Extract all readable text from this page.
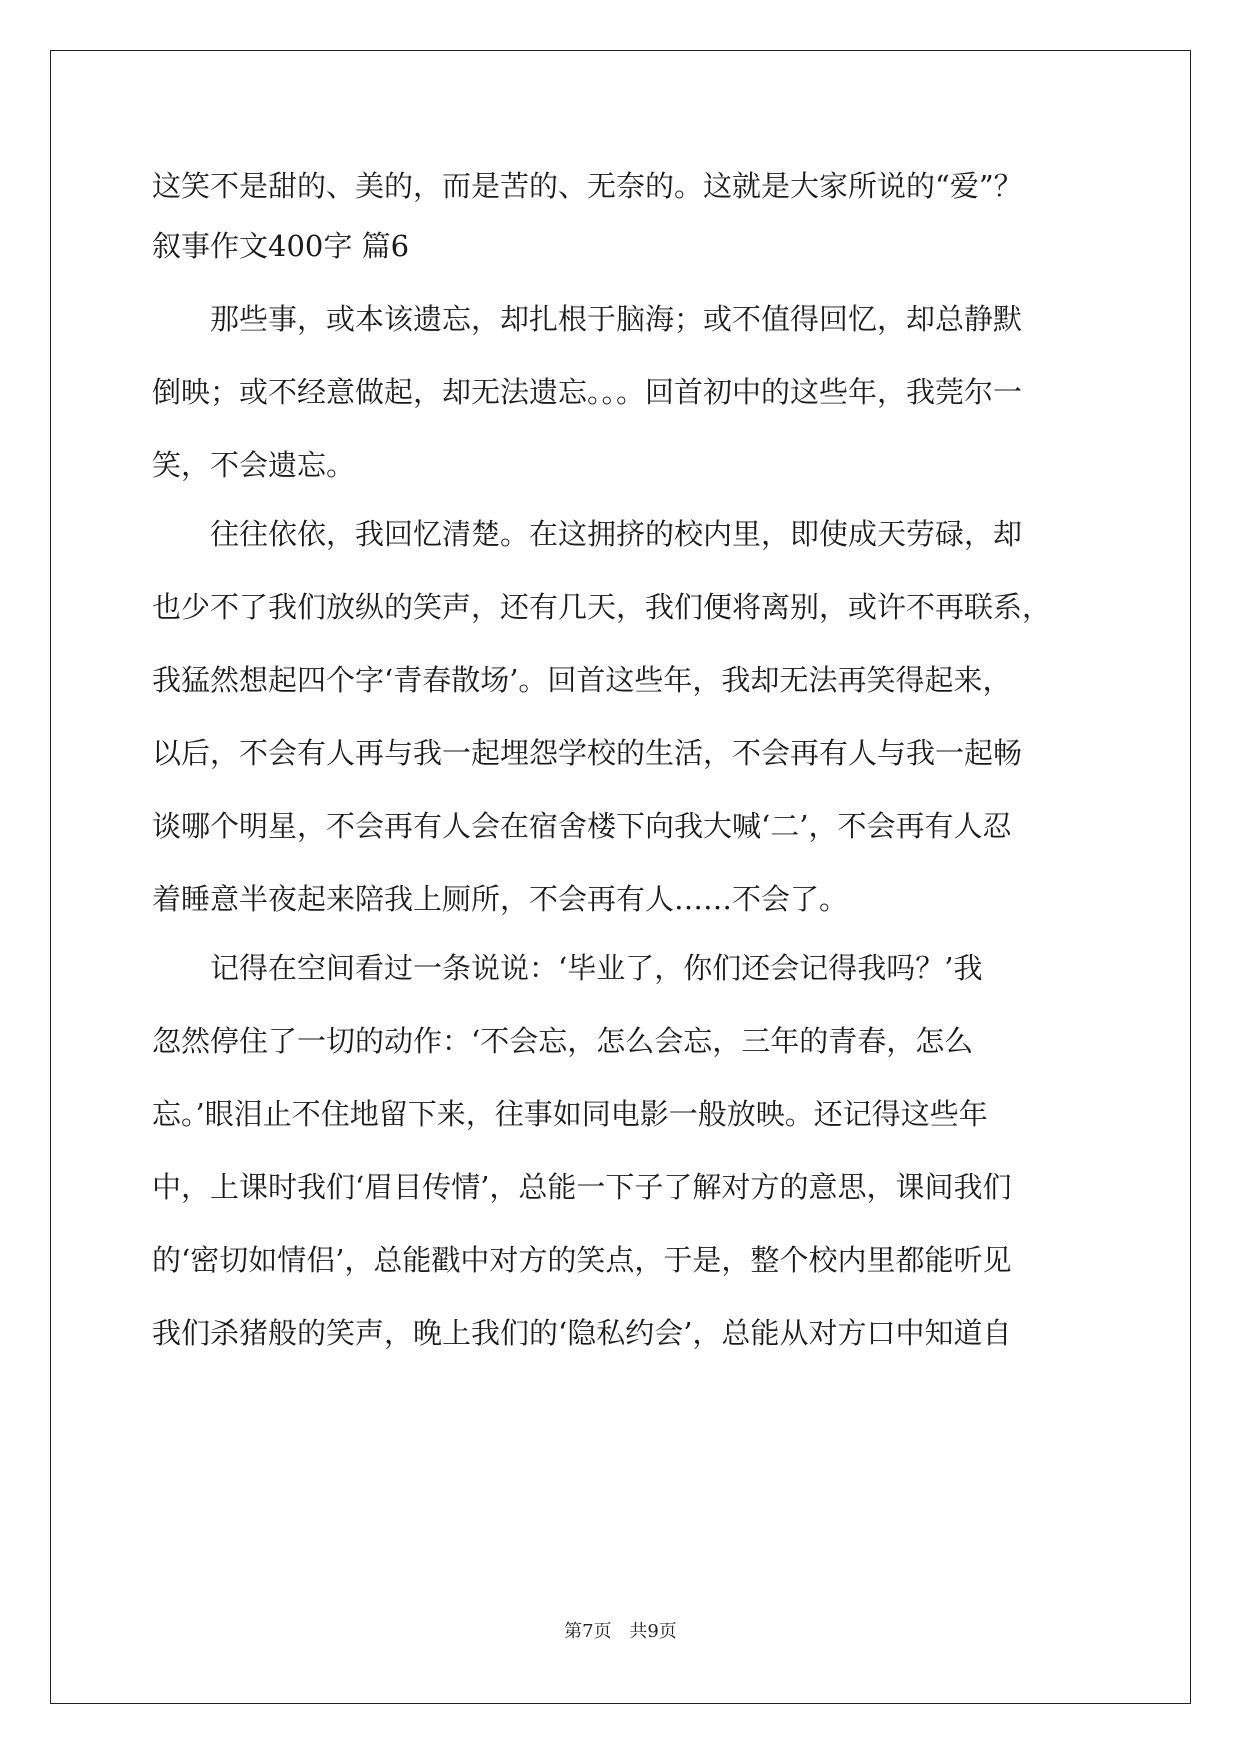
这笑不是甜的、美的，而是苦的、无奈的。这就是大家所说的“爱”？

叙事作文400字 篇6

　　那些事，或本该遗忘，却扎根于脑海；或不值得回忆，却总静默

倒映；或不经意做起，却无法遗忘。。。回首初中的这些年，我莞尔一

笑，不会遗忘。

　　往往依依，我回忆清楚。在这拥挤的校内里，即使成天劳碌，却

也少不了我们放纵的笑声，还有几天，我们便将离别，或许不再联系，

我猛然想起四个字‘青春散场’。回首这些年，我却无法再笑得起来，

以后，不会有人再与我一起埋怨学校的生活，不会再有人与我一起畅

谈哪个明星，不会再有人会在宿舍楼下向我大喊‘二’，不会再有人忍

着睡意半夜起来陪我上厕所，不会再有人……不会了。

　　记得在空间看过一条说说：‘毕业了，你们还会记得我吗？’我

忽然停住了一切的动作：‘不会忘，怎么会忘，三年的青春，怎么

忘。’眼泪止不住地留下来，往事如同电影一般放映。还记得这些年

中，上课时我们‘眉目传情’，总能一下子了解对方的意思，课间我们

的‘密切如情侣’，总能戳中对方的笑点，于是，整个校内里都能听见

我们杀猪般的笑声，晚上我们的‘隐私约会’，总能从对方口中知道自

第7页 共9页
